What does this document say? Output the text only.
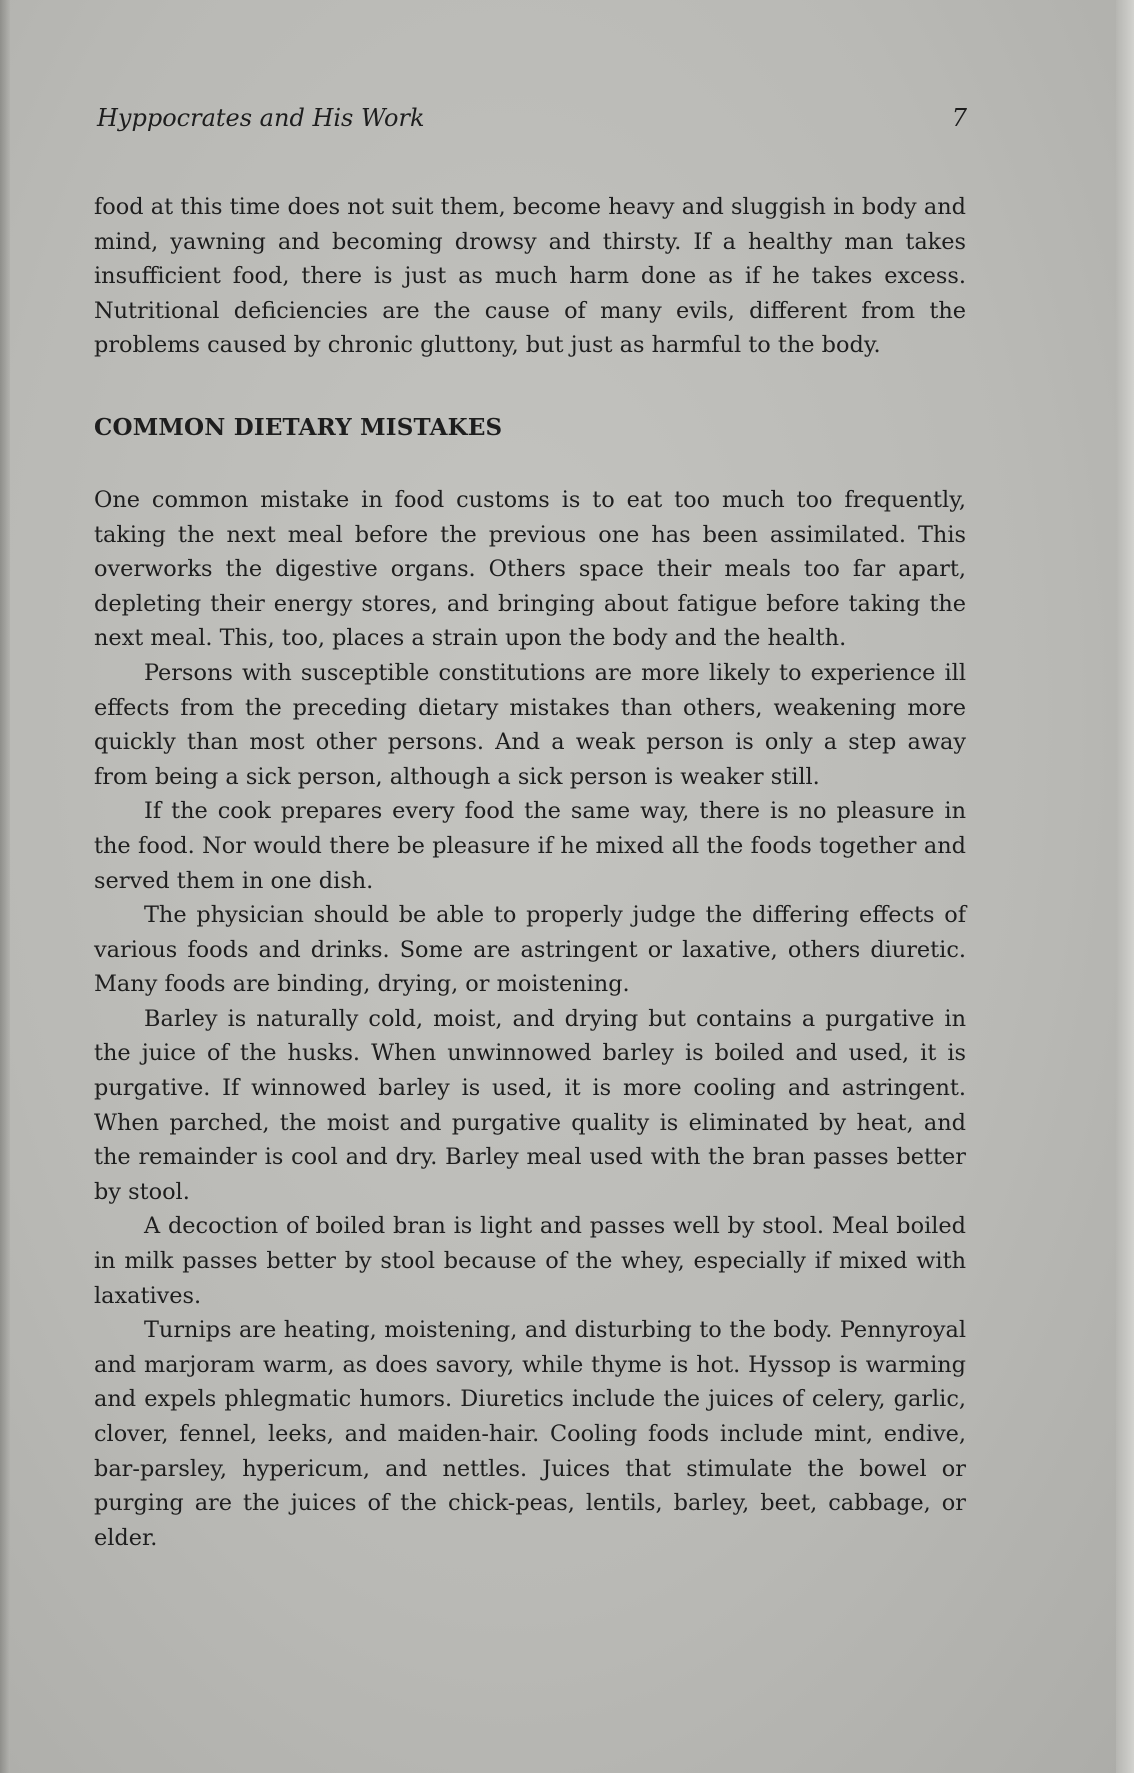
Hyppocrates and His Work	7

food at this time does not suit them, become heavy and sluggish in body and mind, yawning and becoming drowsy and thirsty. If a healthy man takes insufficient food, there is just as much harm done as if he takes excess. Nutritional deficiencies are the cause of many evils, different from the problems caused by chronic gluttony, but just as harmful to the body.

COMMON DIETARY MISTAKES

One common mistake in food customs is to eat too much too frequently, taking the next meal before the previous one has been assimilated. This overworks the digestive organs. Others space their meals too far apart, depleting their energy stores, and bringing about fatigue before taking the next meal. This, too, places a strain upon the body and the health.

Persons with susceptible constitutions are more likely to experience ill effects from the preceding dietary mistakes than others, weakening more quickly than most other persons. And a weak person is only a step away from being a sick person, although a sick person is weaker still.

If the cook prepares every food the same way, there is no pleasure in the food. Nor would there be pleasure if he mixed all the foods together and served them in one dish.

The physician should be able to properly judge the differing effects of various foods and drinks. Some are astringent or laxative, others diuretic. Many foods are binding, drying, or moistening.

Barley is naturally cold, moist, and drying but contains a purgative in the juice of the husks. When unwinnowed barley is boiled and used, it is purgative. If winnowed barley is used, it is more cooling and astringent. When parched, the moist and purgative quality is eliminated by heat, and the remainder is cool and dry. Barley meal used with the bran passes better by stool.

A decoction of boiled bran is light and passes well by stool. Meal boiled in milk passes better by stool because of the whey, especially if mixed with laxatives.

Turnips are heating, moistening, and disturbing to the body. Pennyroyal and marjoram warm, as does savory, while thyme is hot. Hyssop is warming and expels phlegmatic humors. Diuretics include the juices of celery, garlic, clover, fennel, leeks, and maiden-hair. Cooling foods include mint, endive, bar-parsley, hypericum, and nettles. Juices that stimulate the bowel or purging are the juices of the chick-peas, lentils, barley, beet, cabbage, or elder.
